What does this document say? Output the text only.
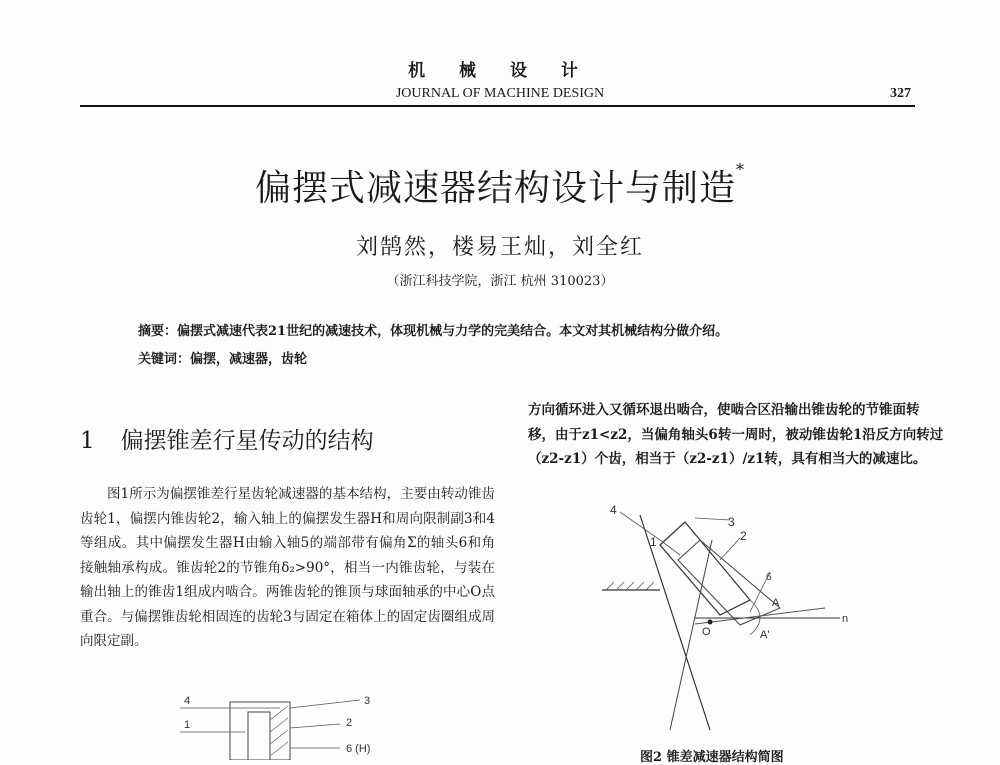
机 械 设 计
JOURNAL OF MACHINE DESIGN	327
偏摆式减速器结构设计与制造*
刘鹄然，楼易王灿，刘全红
（浙江科技学院，浙江 杭州 310023）
摘要：偏摆式减速代表21世纪的减速技术，体现机械与力学的完美结合。本文对其机械结构分做介绍。
关键词：偏摆，减速器，齿轮
1 偏摆锥差行星传动的结构

图1所示为偏摆锥差行星齿轮减速器的基本结构，主要由转动锥齿齿轮1，偏摆内锥齿轮2，输入轴上的偏摆发生器H和周向限制副3和4等组成。其中偏摆发生器H由输入轴5的端部带有偏角Σ的轴头6和角接触轴承构成。锥齿轮2的节锥角δ₂>90°，相当一内锥齿轮，与装在输出轴上的锥齿1组成内啮合。两锥齿轮的锥顶与球面轴承的中心O点重合。与偏摆锥齿轮相固连的齿轮3与固定在箱体上的固定齿圈组成周向限定副。

方向循环进入又循环退出啮合，使啮合区沿输出锥齿轮的节锥面转移，由于z1<z2，当偏角轴头6转一周时，被动锥齿轮1沿反方向转过（z2-z1）个齿，相当于（z2-z1）/z1转，具有相当大的减速比。

4
3
1	2
6
A
O	A'
n
图2 锥差减速器结构简图
4
1
3
2
6 (H)
